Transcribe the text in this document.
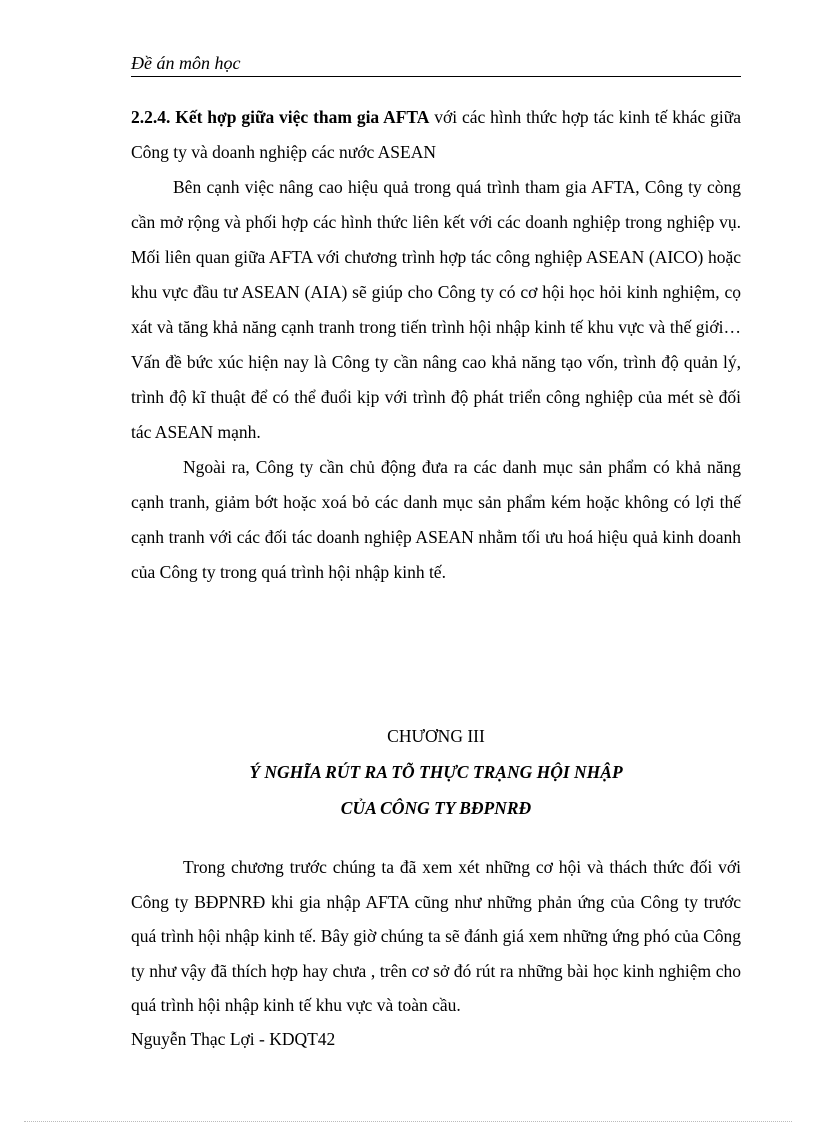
Đề án môn học

2.2.4. Kết hợp giữa việc tham gia AFTA với các hình thức hợp tác kinh tế khác giữa Công ty và doanh nghiệp các nước ASEAN

Bên cạnh việc nâng cao hiệu quả trong quá trình tham gia AFTA, Công ty còng cần mở rộng và phối hợp các hình thức liên kết với các doanh nghiệp trong nghiệp vụ. Mối liên quan giữa AFTA với chương trình hợp tác công nghiệp ASEAN (AICO) hoặc khu vực đầu tư ASEAN (AIA) sẽ giúp cho Công ty có cơ hội học hỏi kinh nghiệm, cọ xát và tăng khả năng cạnh tranh trong tiến trình hội nhập kinh tế khu vực và thế giới…Vấn đề bức xúc hiện nay là Công ty cần nâng cao khả năng tạo vốn, trình độ quản lý, trình độ kĩ thuật để có thể đuổi kịp với trình độ phát triển công nghiệp của mét sè đối tác ASEAN mạnh.

Ngoài ra, Công ty cần chủ động đưa ra các danh mục sản phẩm có khả năng cạnh tranh, giảm bớt hoặc xoá bỏ các danh mục sản phẩm kém hoặc không có lợi thế cạnh tranh với các đối tác doanh nghiệp ASEAN nhằm tối ưu hoá hiệu quả kinh doanh của Công ty trong quá trình hội nhập kinh tế.

CHƯƠNG III
Ý NGHĨA RÚT RA TÕ THỰC TRẠNG HỘI NHẬP
CỦA CÔNG TY BĐPNRĐ

Trong chương trước chúng ta đã xem xét những cơ hội và thách thức đối với Công ty BĐPNRĐ khi gia nhập AFTA cũng như những phản ứng của Công ty trước quá trình hội nhập kinh tế. Bây giờ chúng ta sẽ đánh giá xem những ứng phó của Công ty như vậy đã thích hợp hay chưa , trên cơ sở đó rút ra những bài học kinh nghiệm cho quá trình hội nhập kinh tế khu vực và toàn cầu.

Nguyễn Thạc Lợi - KDQT42
